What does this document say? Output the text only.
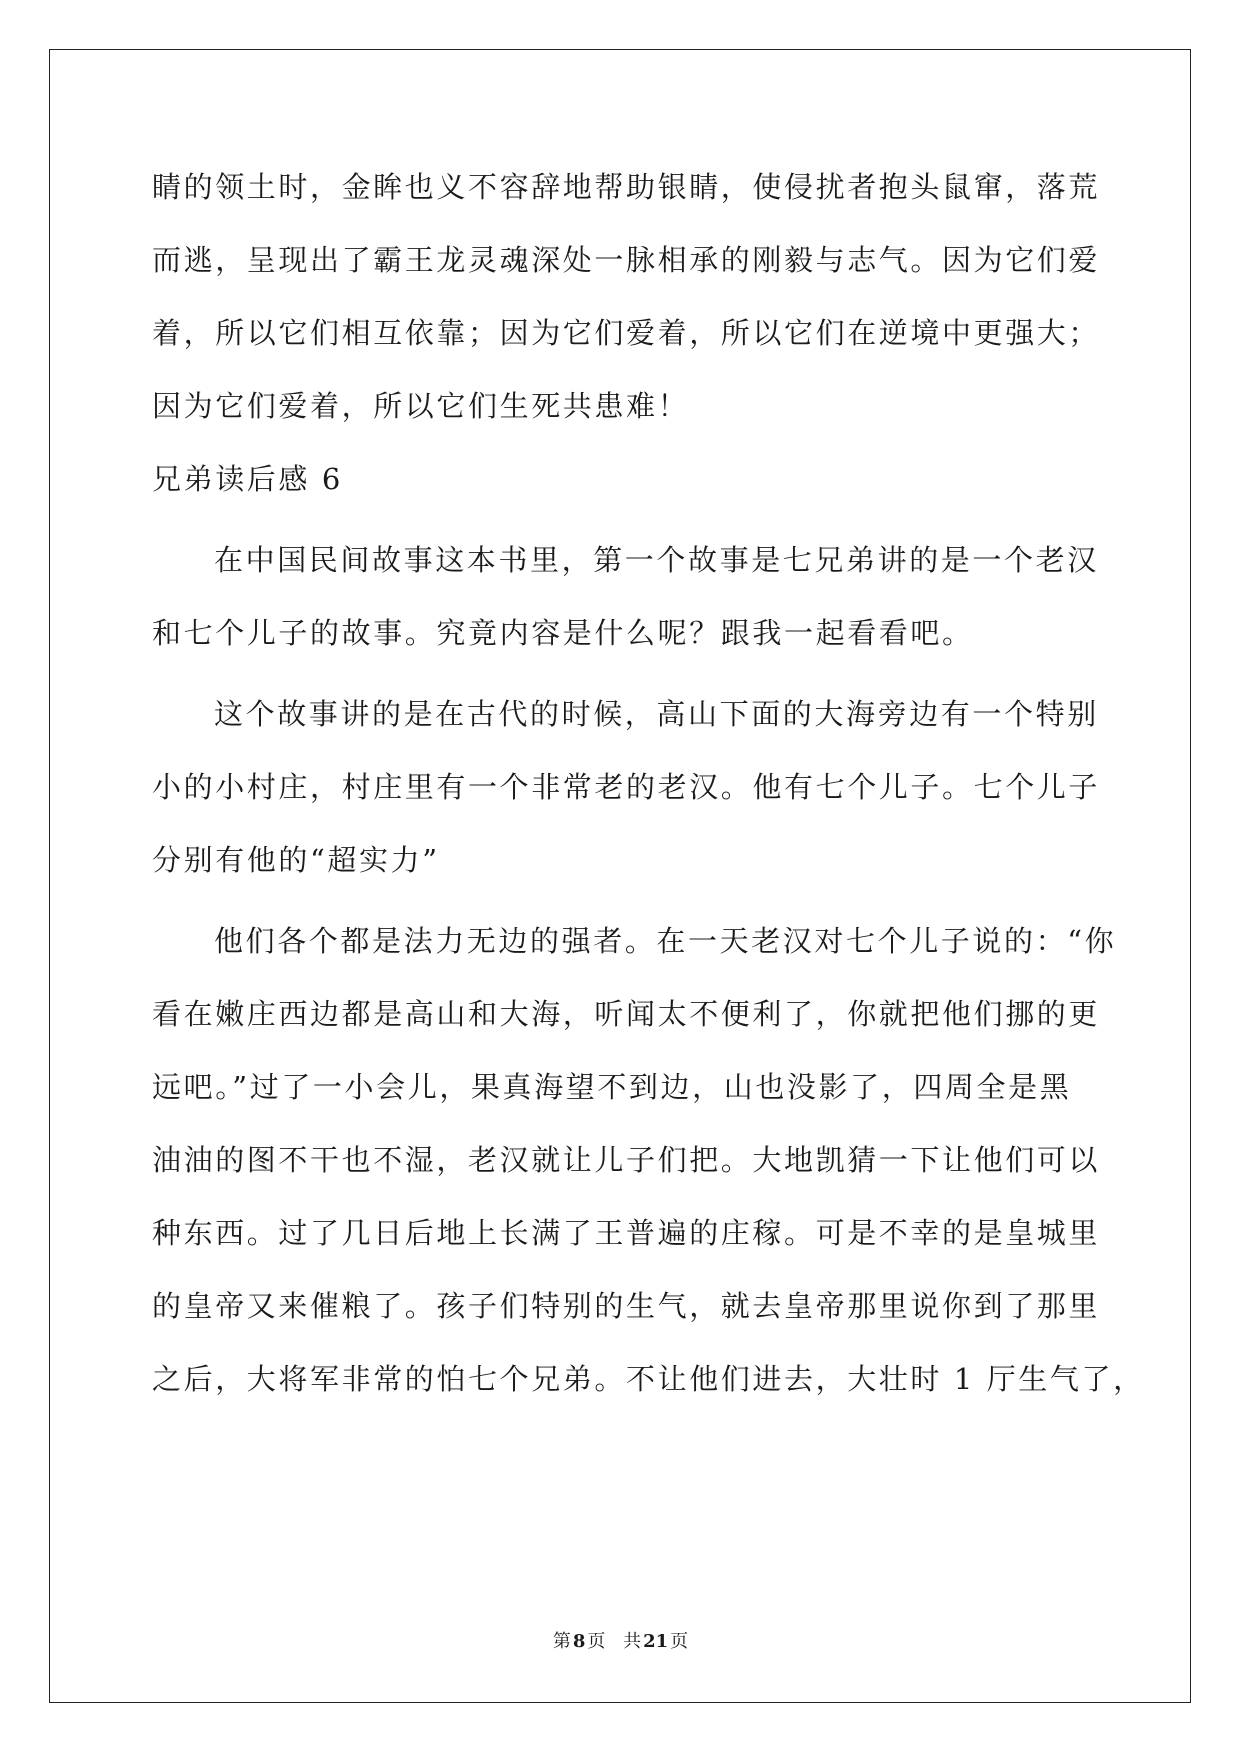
睛的领土时，金眸也义不容辞地帮助银睛，使侵扰者抱头鼠窜，落荒
而逃，呈现出了霸王龙灵魂深处一脉相承的刚毅与志气。因为它们爱
着，所以它们相互依靠；因为它们爱着，所以它们在逆境中更强大；
因为它们爱着，所以它们生死共患难！
兄弟读后感 6
在中国民间故事这本书里，第一个故事是七兄弟讲的是一个老汉
和七个儿子的故事。究竟内容是什么呢？跟我一起看看吧。
这个故事讲的是在古代的时候，高山下面的大海旁边有一个特别
小的小村庄，村庄里有一个非常老的老汉。他有七个儿子。七个儿子
分别有他的“超实力”
他们各个都是法力无边的强者。在一天老汉对七个儿子说的：“你
看在嫩庄西边都是高山和大海，听闻太不便利了，你就把他们挪的更
远吧。”过了一小会儿，果真海望不到边，山也没影了，四周全是黑
油油的图不干也不湿，老汉就让儿子们把。大地凯猜一下让他们可以
种东西。过了几日后地上长满了王普遍的庄稼。可是不幸的是皇城里
的皇帝又来催粮了。孩子们特别的生气，就去皇帝那里说你到了那里
之后，大将军非常的怕七个兄弟。不让他们进去，大壮时 1 厅生气了，
第 8 页 共 21 页
